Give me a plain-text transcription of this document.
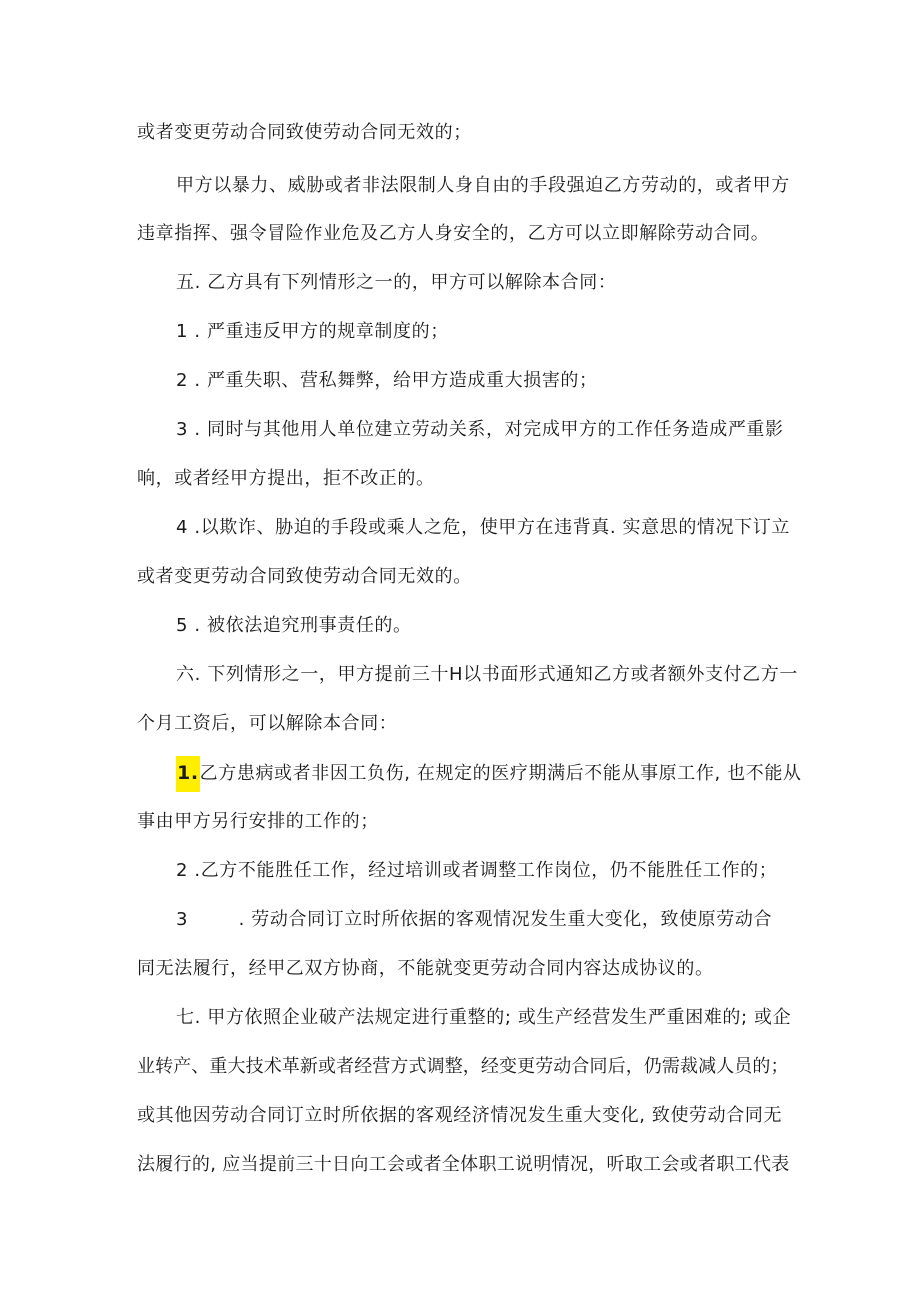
或者变更劳动合同致使劳动合同无效的；
甲方以暴力、威胁或者非法限制人身自由的手段强迫乙方劳动的，或者甲方
违章指挥、强令冒险作业危及乙方人身安全的，乙方可以立即解除劳动合同。
五. 乙方具有下列情形之一的，甲方可以解除本合同：
1 . 严重违反甲方的规章制度的；
2 . 严重失职、营私舞弊，给甲方造成重大损害的；
3 . 同时与其他用人单位建立劳动关系，对完成甲方的工作任务造成严重影
响，或者经甲方提出，拒不改正的。
4 .以欺诈、胁迫的手段或乘人之危，使甲方在违背真. 实意思的情况下订立
或者变更劳动合同致使劳动合同无效的。
5 . 被依法追究刑事责任的。
六. 下列情形之一，甲方提前三十H以书面形式通知乙方或者额外支付乙方一
个月工资后，可以解除本合同：
1.乙方患病或者非因工负伤, 在规定的医疗期满后不能从事原工作, 也不能从
事由甲方另行安排的工作的；
2 .乙方不能胜任工作，经过培训或者调整工作岗位，仍不能胜任工作的；
3        . 劳动合同订立时所依据的客观情况发生重大变化，致使原劳动合
同无法履行，经甲乙双方协商，不能就变更劳动合同内容达成协议的。
七. 甲方依照企业破产法规定进行重整的; 或生产经营发生严重困难的; 或企
业转产、重大技术革新或者经营方式调整，经变更劳动合同后，仍需裁减人员的；
或其他因劳动合同订立时所依据的客观经济情况发生重大变化, 致使劳动合同无
法履行的, 应当提前三十日向工会或者全体职工说明情况，听取工会或者职工代表
